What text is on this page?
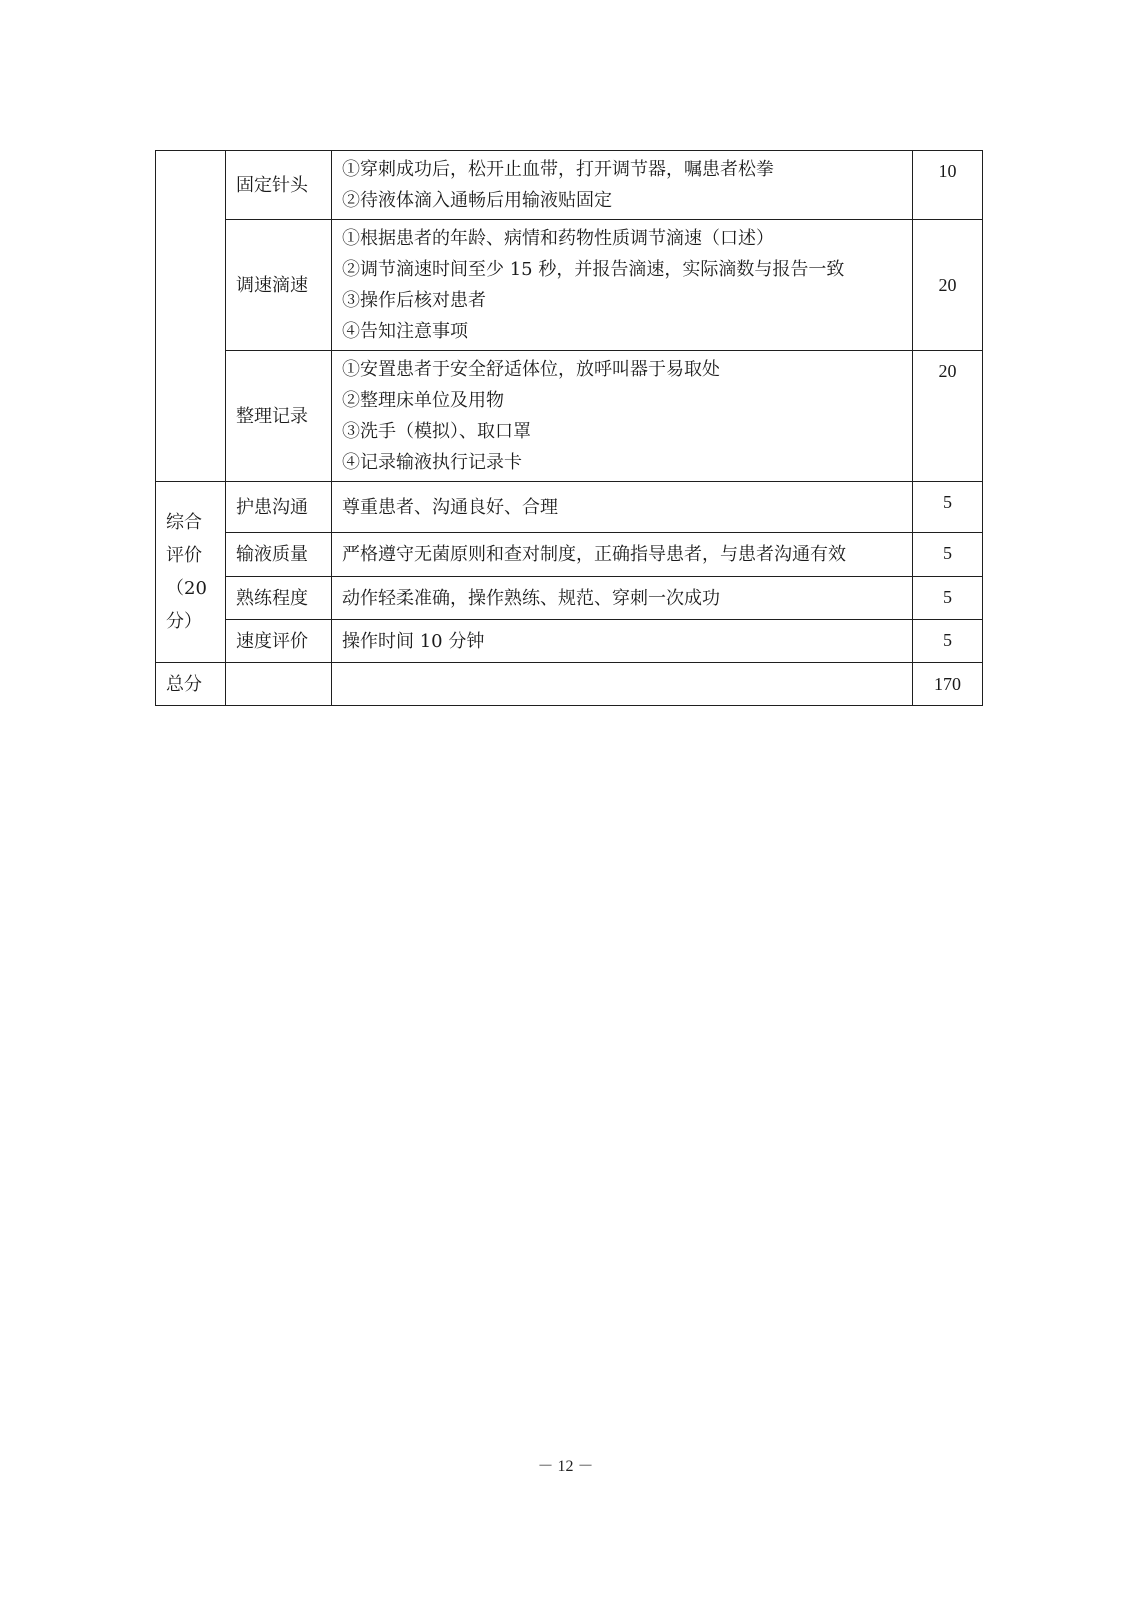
	固定针头	①穿刺成功后，松开止血带，打开调节器，嘱患者松拳
②待液体滴入通畅后用输液贴固定	10
	调速滴速	①根据患者的年龄、病情和药物性质调节滴速（口述）
②调节滴速时间至少 15 秒，并报告滴速，实际滴数与报告一致
③操作后核对患者
④告知注意事项	20
	整理记录	①安置患者于安全舒适体位，放呼叫器于易取处
②整理床单位及用物
③洗手（模拟）、取口罩
④记录输液执行记录卡	20

综合
评价
（20
分）	护患沟通	尊重患者、沟通良好、合理	5
	输液质量	严格遵守无菌原则和查对制度，正确指导患者，与患者沟通有效	5
	熟练程度	动作轻柔准确，操作熟练、规范、穿刺一次成功	5
	速度评价	操作时间 10 分钟	5
总分			170
－ 12 －
